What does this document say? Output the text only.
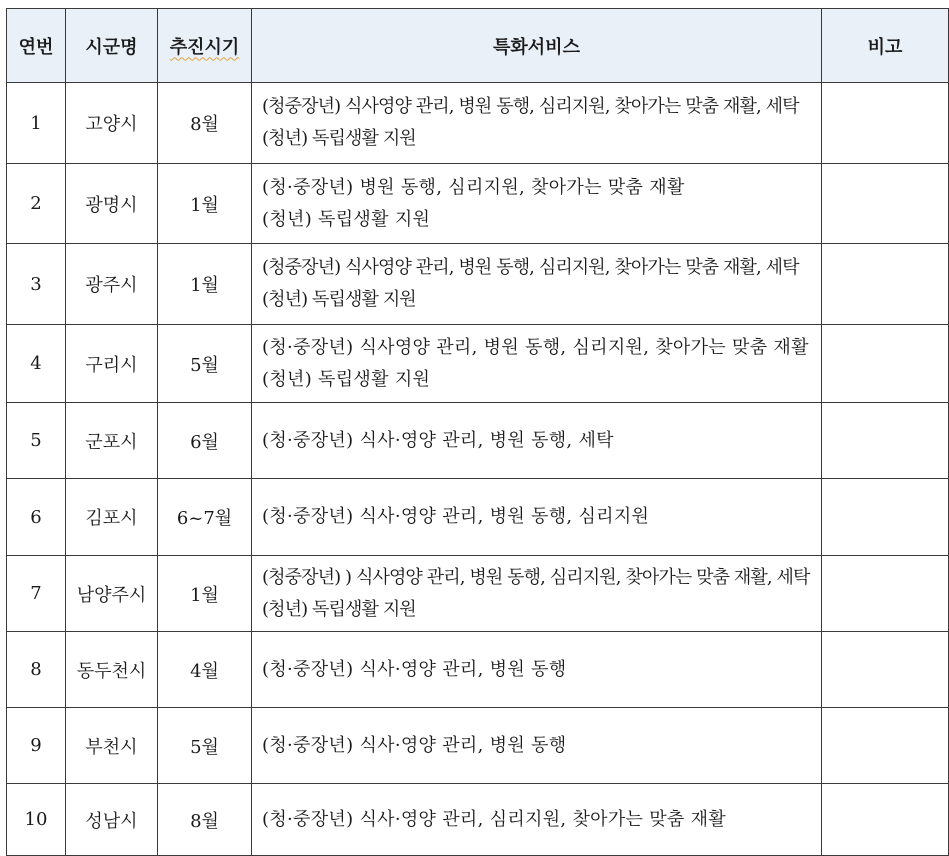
연번	시군명	추진시기	특화서비스	비고
1	고양시	8월	(청중장년) 식사영양 관리, 병원 동행, 심리지원, 찾아가는 맞춤 재활, 세탁
(청년) 독립생활 지원	

2	광명시	1월	(청·중장년) 병원 동행, 심리지원, 찾아가는 맞춤 재활
(청년) 독립생활 지원	

3	광주시	1월	(청중장년) 식사영양 관리, 병원 동행, 심리지원, 찾아가는 맞춤 재활, 세탁
(청년) 독립생활 지원	

4	구리시	5월	(청·중장년) 식사영양 관리, 병원 동행, 심리지원, 찾아가는 맞춤 재활
(청년) 독립생활 지원	

5	군포시	6월	(청·중장년) 식사·영양 관리, 병원 동행, 세탁	

6	김포시	6~7월	(청·중장년) 식사·영양 관리, 병원 동행, 심리지원	

7	남양주시	1월	(청중장년) ) 식사영양 관리, 병원 동행, 심리지원, 찾아가는 맞춤 재활, 세탁
(청년) 독립생활 지원	

8	동두천시	4월	(청·중장년) 식사·영양 관리, 병원 동행	

9	부천시	5월	(청·중장년) 식사·영양 관리, 병원 동행	

10	성남시	8월	(청·중장년) 식사·영양 관리, 심리지원, 찾아가는 맞춤 재활	
